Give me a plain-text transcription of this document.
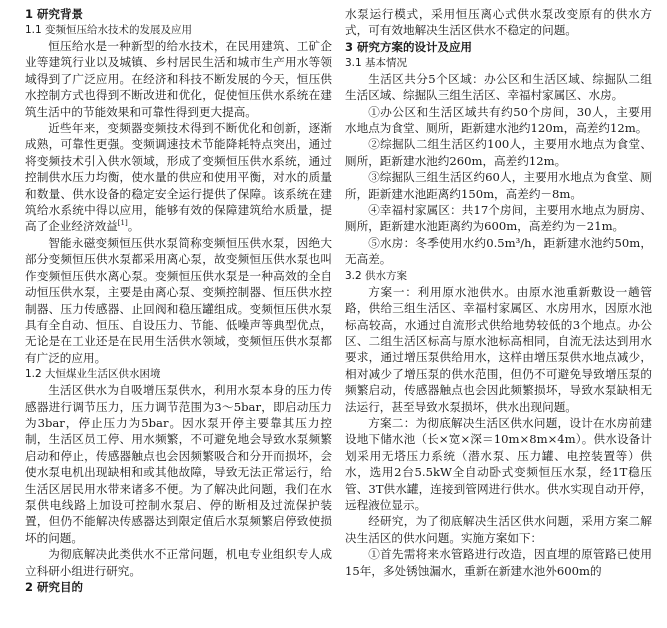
1 研究背景
1.1 变频恒压给水技术的发展及应用

恒压给水是一种新型的给水技术，在民用建筑、工矿企业等建筑行业以及城镇、乡村居民生活和城市生产用水等领域得到了广泛应用。在经济和科技不断发展的今天，恒压供水控制方式也得到不断改进和优化，促使恒压供水系统在建筑生活中的节能效果和可靠性得到更大提高。

近些年来，变频器变频技术得到不断优化和创新，逐渐成熟，可靠性更强。变频调速技术节能降耗特点突出，通过将变频技术引入供水领域，形成了变频恒压供水系统，通过控制供水压力均衡，使水量的供应和使用平衡，对水的质量和数量、供水设备的稳定安全运行提供了保障。该系统在建筑给水系统中得以应用，能够有效的保障建筑给水质量，提高了企业经济效益[1]。

智能永磁变频恒压供水泵简称变频恒压供水泵，因绝大部分变频恒压供水泵都采用离心泵，故变频恒压供水泵也叫作变频恒压供水离心泵。变频恒压供水泵是一种高效的全自动恒压供水泵，主要是由离心泵、变频控制器、恒压供水控制器、压力传感器、止回阀和稳压罐组成。变频恒压供水泵具有全自动、恒压、自设压力、节能、低噪声等典型优点，无论是在工业还是在民用生活供水领域，变频恒压供水泵都有广泛的应用。

1.2 大恒煤业生活区供水困境

生活区供水为自吸增压泵供水，利用水泵本身的压力传感器进行调节压力，压力调节范围为3～5bar，即启动压力为3bar，停止压力为5bar。因水泵开停主要靠其压力控制，生活区员工停、用水频繁，不可避免地会导致水泵频繁启动和停止，传感器触点也会因频繁吸合和分开而损坏，会使水泵电机出现缺相和或其他故障，导致无法正常运行，给生活区居民用水带来诸多不便。为了解决此问题，我们在水泵供电线路上加设可控制水泵启、停的断相及过流保护装置，但仍不能解决传感器达到限定值后水泵频繁启停致使损坏的问题。

为彻底解决此类供水不正常问题，机电专业组织专人成立科研小组进行研究。

2 研究目的

水泵运行模式，采用恒压离心式供水泵改变原有的供水方式，可有效地解决生活区供水不稳定的问题。

3 研究方案的设计及应用
3.1 基本情况

生活区共分5个区域：办公区和生活区域、综掘队二组生活区域、综掘队三组生活区、幸福村家属区、水房。

①办公区和生活区域共有约50个房间，30人，主要用水地点为食堂、厕所，距新建水池约120m，高差约12m。

②综掘队二组生活区约100人，主要用水地点为食堂、厕所，距新建水池约260m，高差约12m。

③综掘队三组生活区约60人，主要用水地点为食堂、厕所，距新建水池距离约150m，高差约－8m。

④幸福村家属区：共17个房间，主要用水地点为厨房、厕所，距新建水池距离约为600m，高差约为－21m。

⑤水房：冬季使用水约0.5m³/h，距新建水池约50m，无高差。

3.2 供水方案

方案一：利用原水池供水。由原水池重新敷设一趟管路，供给三组生活区、幸福村家属区、水房用水，因原水池标高较高，水通过自流形式供给地势较低的3个地点。办公区、二组生活区标高与原水池标高相同，自流无法达到用水要求，通过增压泵供给用水，这样由增压泵供水地点减少，相对减少了增压泵的供水范围，但仍不可避免导致增压泵的频繁启动，传感器触点也会因此频繁损坏，导致水泵缺相无法运行，甚至导致水泵损坏，供水出现问题。

方案二：为彻底解决生活区供水问题，设计在水房前建设地下储水池（长×宽×深＝10m×8m×4m）。供水设备计划采用无塔压力系统（潜水泵、压力罐、电控装置等）供水，选用2台5.5kW全自动卧式变频恒压水泵，经1T稳压管、3T供水罐，连接到管网进行供水。供水实现自动开停，远程液位显示。

经研究，为了彻底解决生活区供水问题，采用方案二解决生活区的供水问题。实施方案如下：

①首先需将来水管路进行改造，因直埋的原管路已使用15年，多处锈蚀漏水，重新在新建水池外600m的
